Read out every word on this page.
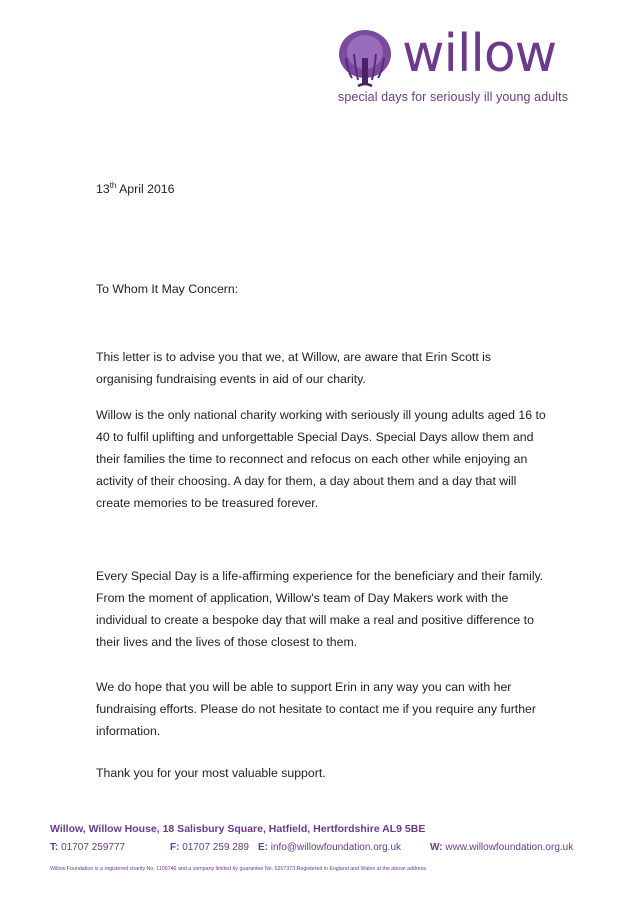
willow
special days for seriously ill young adults
13th April 2016
To Whom It May Concern:
This letter is to advise you that we, at Willow, are aware that Erin Scott is organising fundraising events in aid of our charity.
Willow is the only national charity working with seriously ill young adults aged 16 to 40 to fulfil uplifting and unforgettable Special Days. Special Days allow them and their families the time to reconnect and refocus on each other while enjoying an activity of their choosing. A day for them, a day about them and a day that will create memories to be treasured forever.
Every Special Day is a life-affirming experience for the beneficiary and their family. From the moment of application, Willow's team of Day Makers work with the individual to create a bespoke day that will make a real and positive difference to their lives and the lives of those closest to them.
We do hope that you will be able to support Erin in any way you can with her fundraising efforts. Please do not hesitate to contact me if you require any further information.
Thank you for your most valuable support.
Willow, Willow House, 18 Salisbury Square, Hatfield, Hertfordshire AL9 5BE
T: 01707 259777	F: 01707 259 289 E: info@willowfoundation.org.uk	W: www.willowfoundation.org.uk
Willow Foundation is a registered charity No. 1106746 and a company limited by guarantee No. 5207373 Registered in England and Wales at the above address.
